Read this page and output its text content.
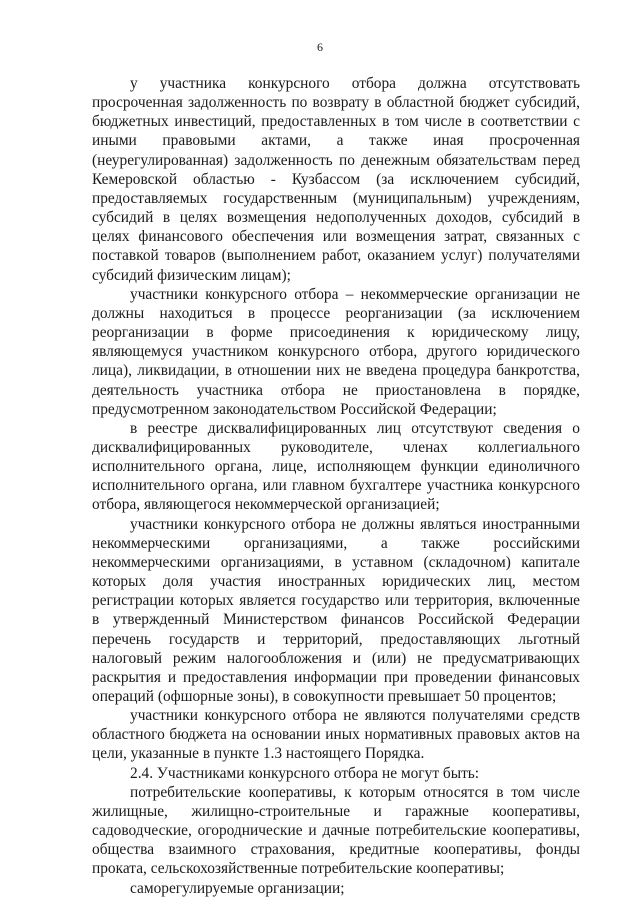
6

у участника конкурсного отбора должна отсутствовать просроченная задолженность по возврату в областной бюджет субсидий, бюджетных инвестиций, предоставленных в том числе в соответствии с иными правовыми актами, а также иная просроченная (неурегулированная) задолженность по денежным обязательствам перед Кемеровской областью - Кузбассом (за исключением субсидий, предоставляемых государственным (муниципальным) учреждениям, субсидий в целях возмещения недополученных доходов, субсидий в целях финансового обеспечения или возмещения затрат, связанных с поставкой товаров (выполнением работ, оказанием услуг) получателями субсидий физическим лицам);

участники конкурсного отбора – некоммерческие организации не должны находиться в процессе реорганизации (за исключением реорганизации в форме присоединения к юридическому лицу, являющемуся участником конкурсного отбора, другого юридического лица), ликвидации, в отношении них не введена процедура банкротства, деятельность участника отбора не приостановлена в порядке, предусмотренном законодательством Российской Федерации;

в реестре дисквалифицированных лиц отсутствуют сведения о дисквалифицированных руководителе, членах коллегиального исполнительного органа, лице, исполняющем функции единоличного исполнительного органа, или главном бухгалтере участника конкурсного отбора, являющегося некоммерческой организацией;

участники конкурсного отбора не должны являться иностранными некоммерческими организациями, а также российскими некоммерческими организациями, в уставном (складочном) капитале которых доля участия иностранных юридических лиц, местом регистрации которых является государство или территория, включенные в утвержденный Министерством финансов Российской Федерации перечень государств и территорий, предоставляющих льготный налоговый режим налогообложения и (или) не предусматривающих раскрытия и предоставления информации при проведении финансовых операций (офшорные зоны), в совокупности превышает 50 процентов;

участники конкурсного отбора не являются получателями средств областного бюджета на основании иных нормативных правовых актов на цели, указанные в пункте 1.3 настоящего Порядка.

2.4. Участниками конкурсного отбора не могут быть:

потребительские кооперативы, к которым относятся в том числе жилищные, жилищно-строительные и гаражные кооперативы, садоводческие, огороднические и дачные потребительские кооперативы, общества взаимного страхования, кредитные кооперативы, фонды проката, сельскохозяйственные потребительские кооперативы;

саморегулируемые организации;
